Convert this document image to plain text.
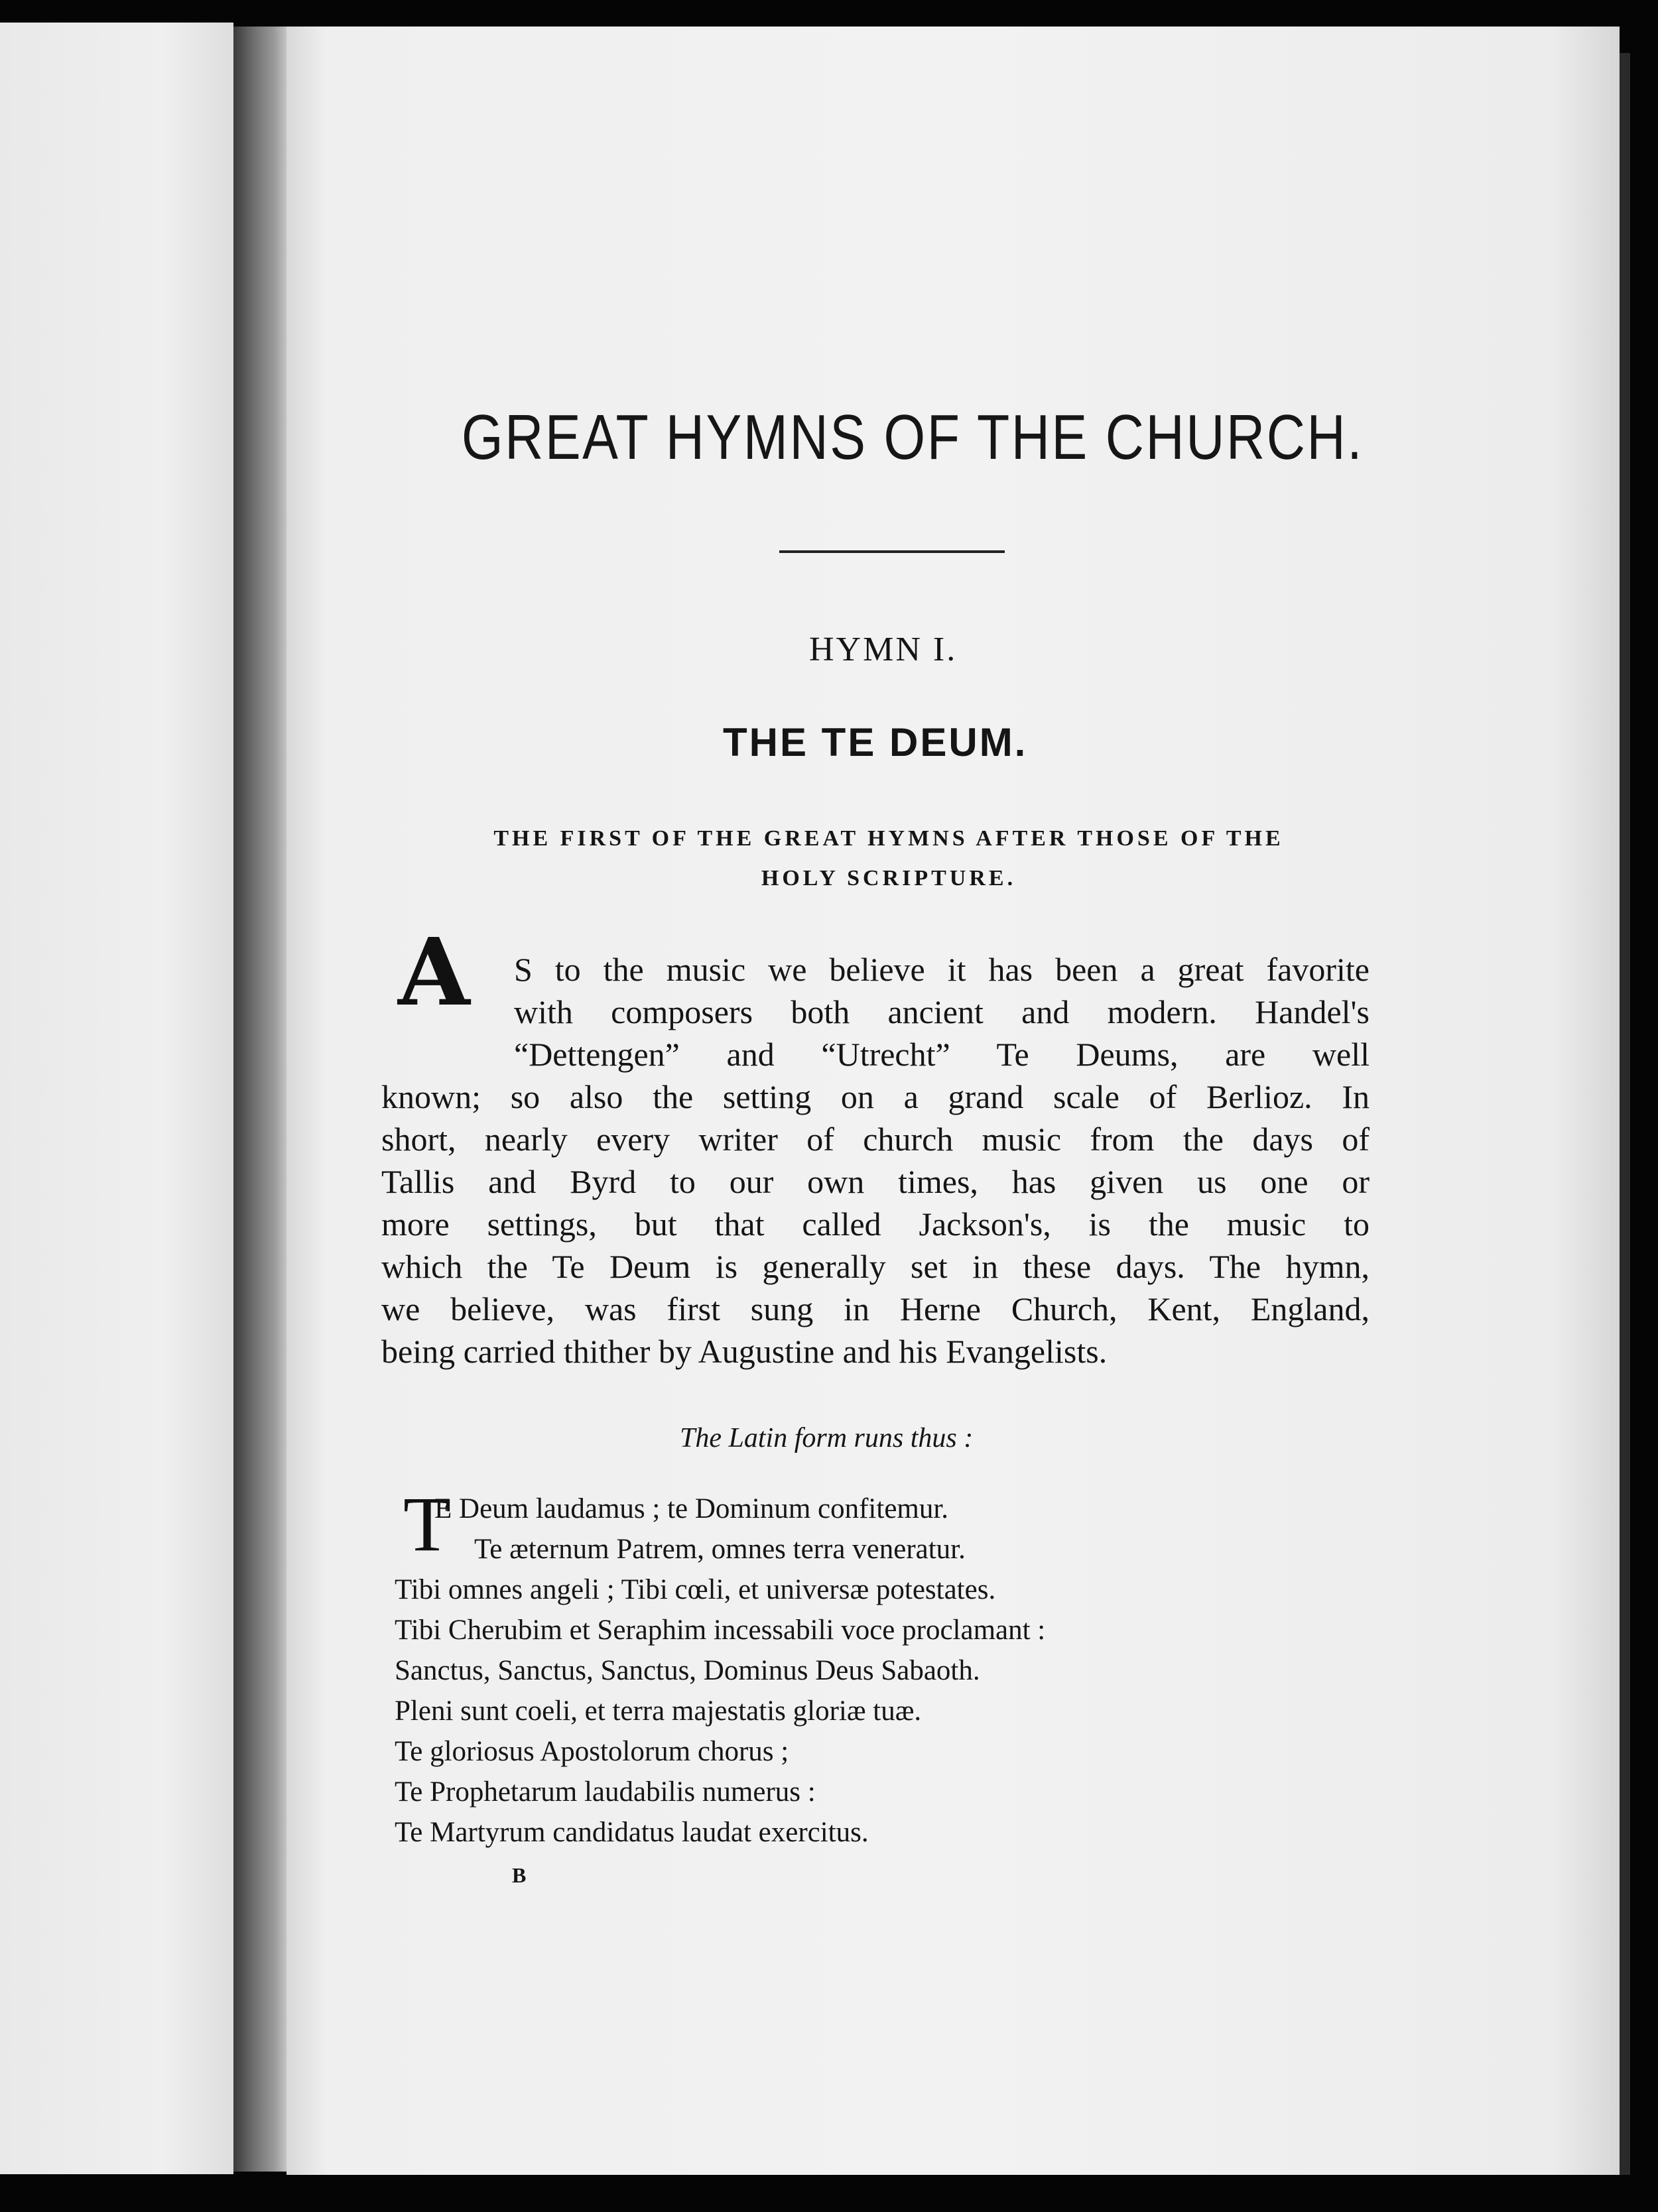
GREAT HYMNS OF THE CHURCH.
HYMN I.
THE TE DEUM.
THE FIRST OF THE GREAT HYMNS AFTER THOSE OF THE
HOLY SCRIPTURE.
A S to the music we believe it has been a great favorite
with composers both ancient and modern. Handel's
“Dettengen” and “Utrecht” Te Deums, are well
known; so also the setting on a grand scale of Berlioz. In
short, nearly every writer of church music from the days of
Tallis and Byrd to our own times, has given us one or
more settings, but that called Jackson's, is the music to
which the Te Deum is generally set in these days. The hymn,
we believe, was first sung in Herne Church, Kent, England,
being carried thither by Augustine and his Evangelists.
The Latin form runs thus :
T
E Deum laudamus ; te Dominum confitemur.
Te æternum Patrem, omnes terra veneratur.
Tibi omnes angeli ; Tibi cœli, et universæ potestates.
Tibi Cherubim et Seraphim incessabili voce proclamant :
Sanctus, Sanctus, Sanctus, Dominus Deus Sabaoth.
Pleni sunt coeli, et terra majestatis gloriæ tuæ.
Te gloriosus Apostolorum chorus ;
Te Prophetarum laudabilis numerus :
Te Martyrum candidatus laudat exercitus.
B
